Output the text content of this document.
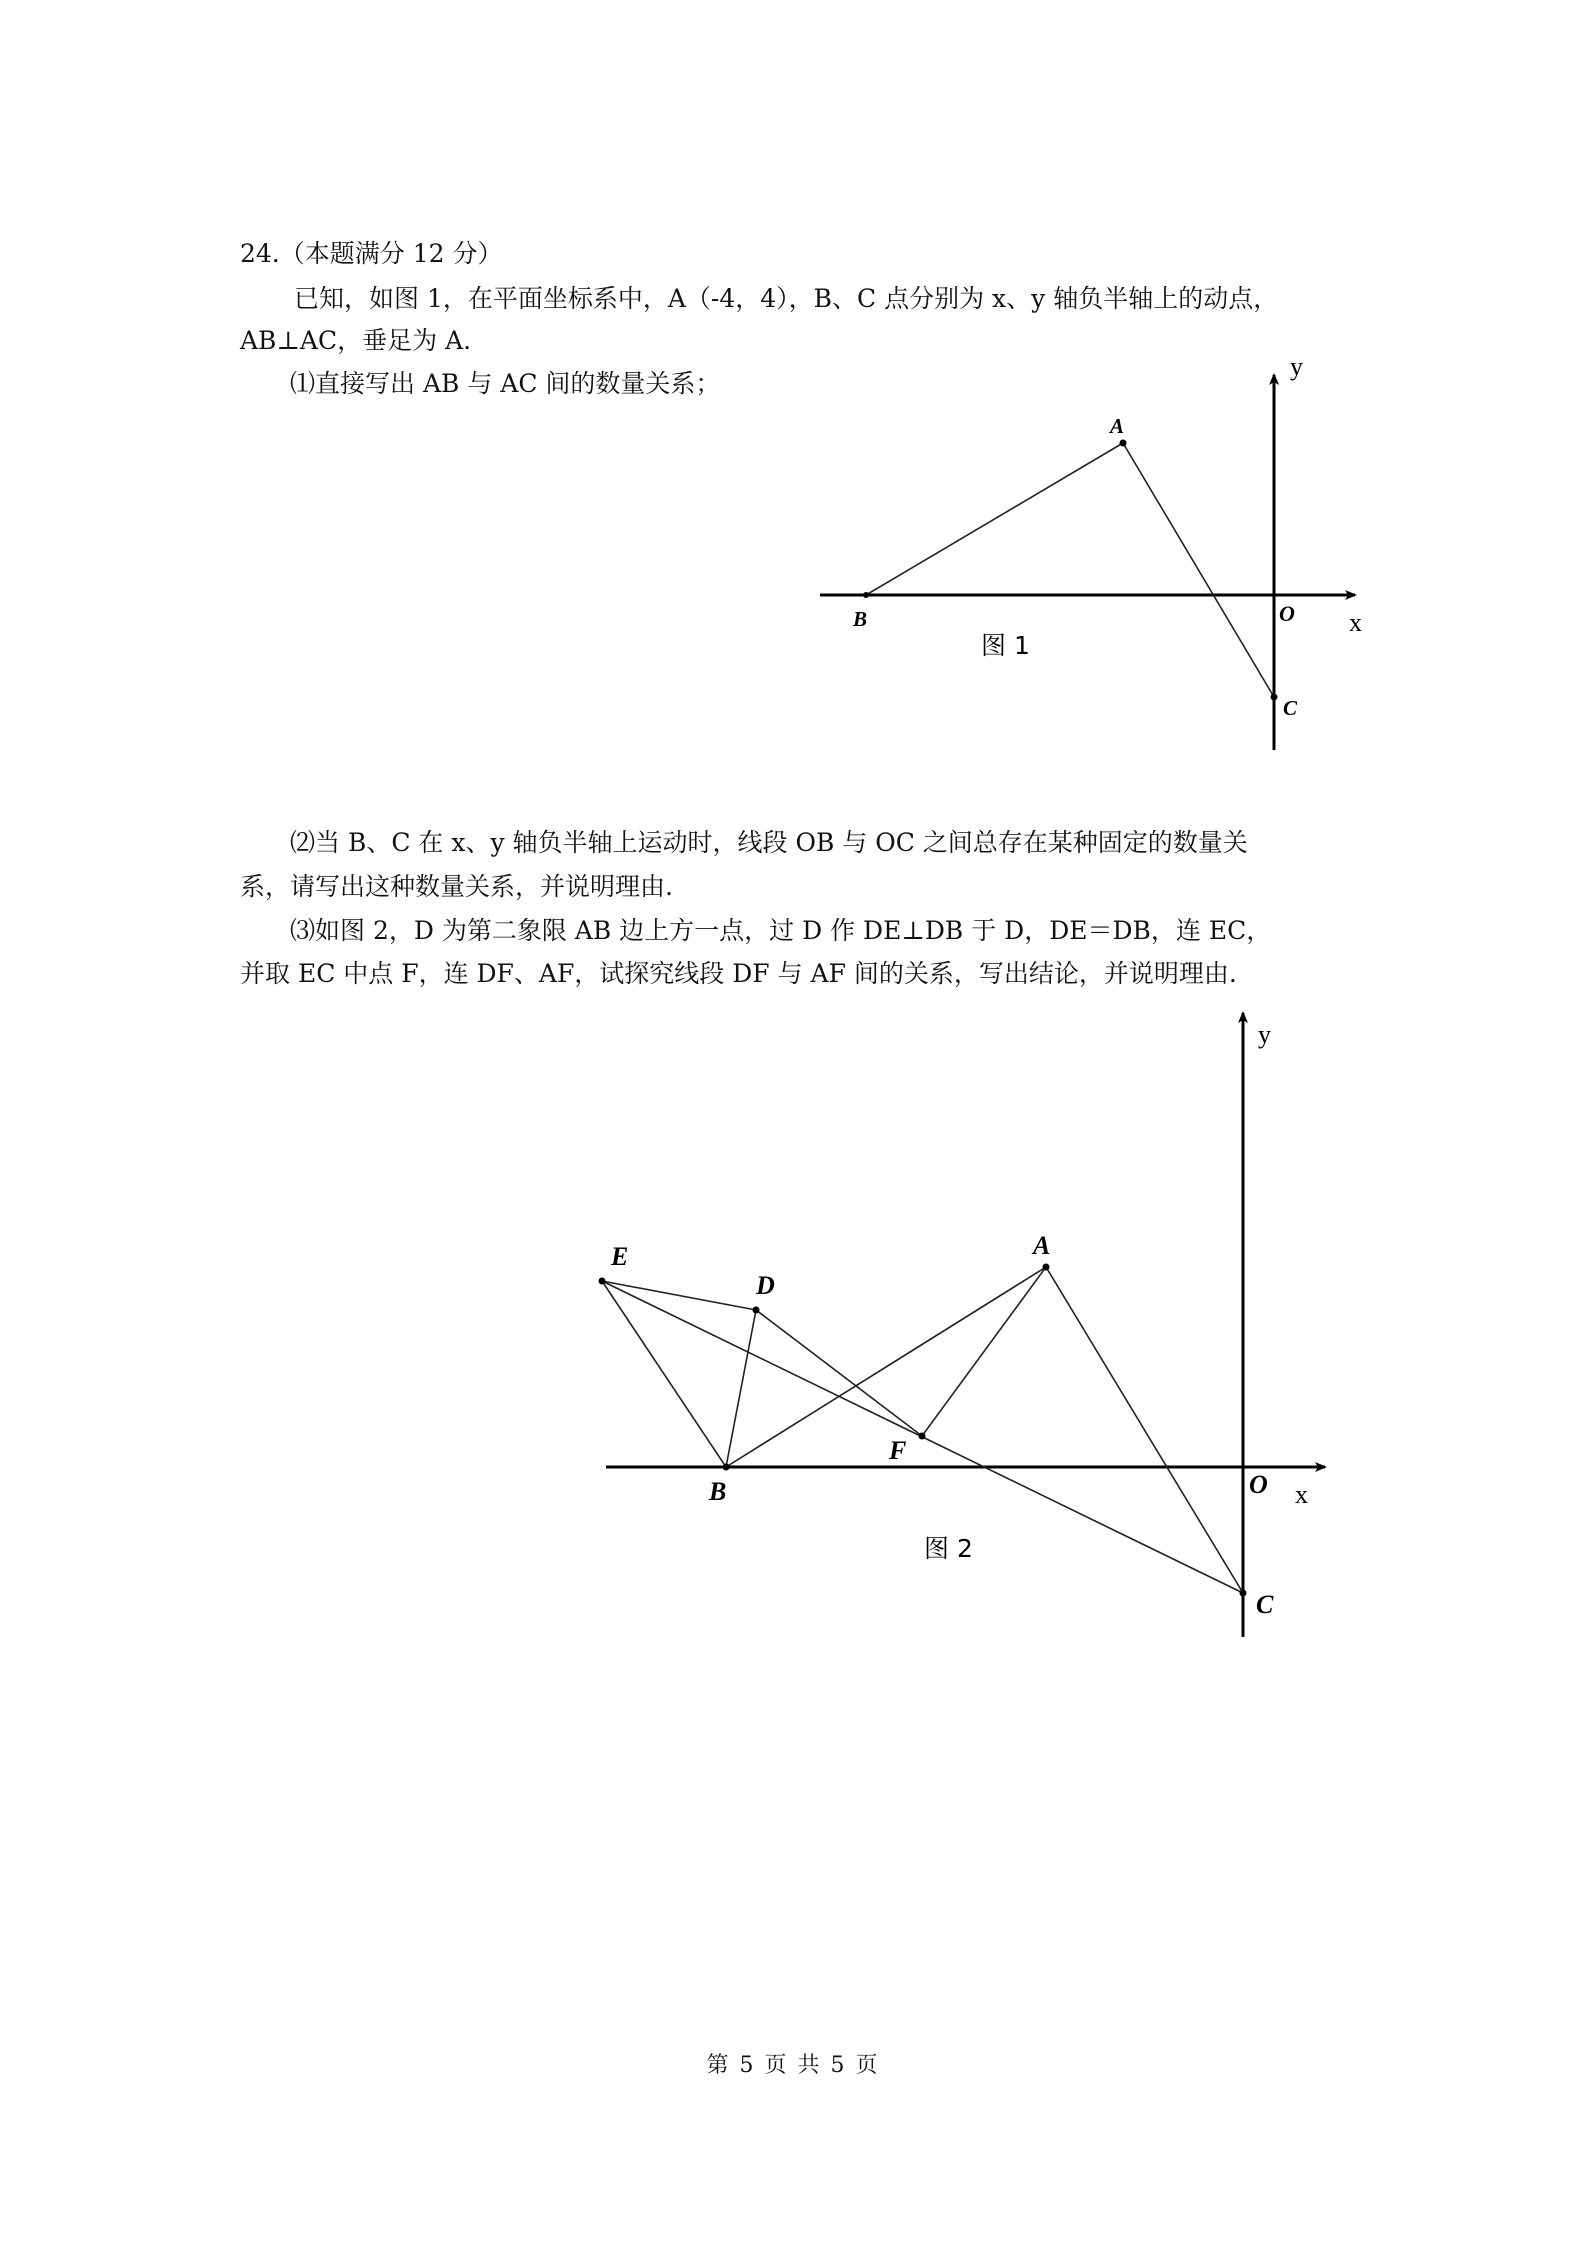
24.（本题满分 12 分）
已知，如图 1，在平面坐标系中，A（-4，4），B、C 点分别为 x、y 轴负半轴上的动点，
AB⊥AC，垂足为 A.
⑴直接写出 AB 与 AC 间的数量关系；
A
B	O
C
x
y
图 1
⑵当 B、C 在 x、y 轴负半轴上运动时，线段 OB 与 OC 之间总存在某种固定的数量关
系，请写出这种数量关系，并说明理由.
⑶如图 2，D 为第二象限 AB 边上方一点，过 D 作 DE⊥DB 于 D，DE＝DB，连 EC，
并取 EC 中点 F，连 DF、AF，试探究线段 DF 与 AF 间的关系，写出结论，并说明理由.
E
D
A
F
B	O
C
x
y
图 2
第 5 页 共 5 页
